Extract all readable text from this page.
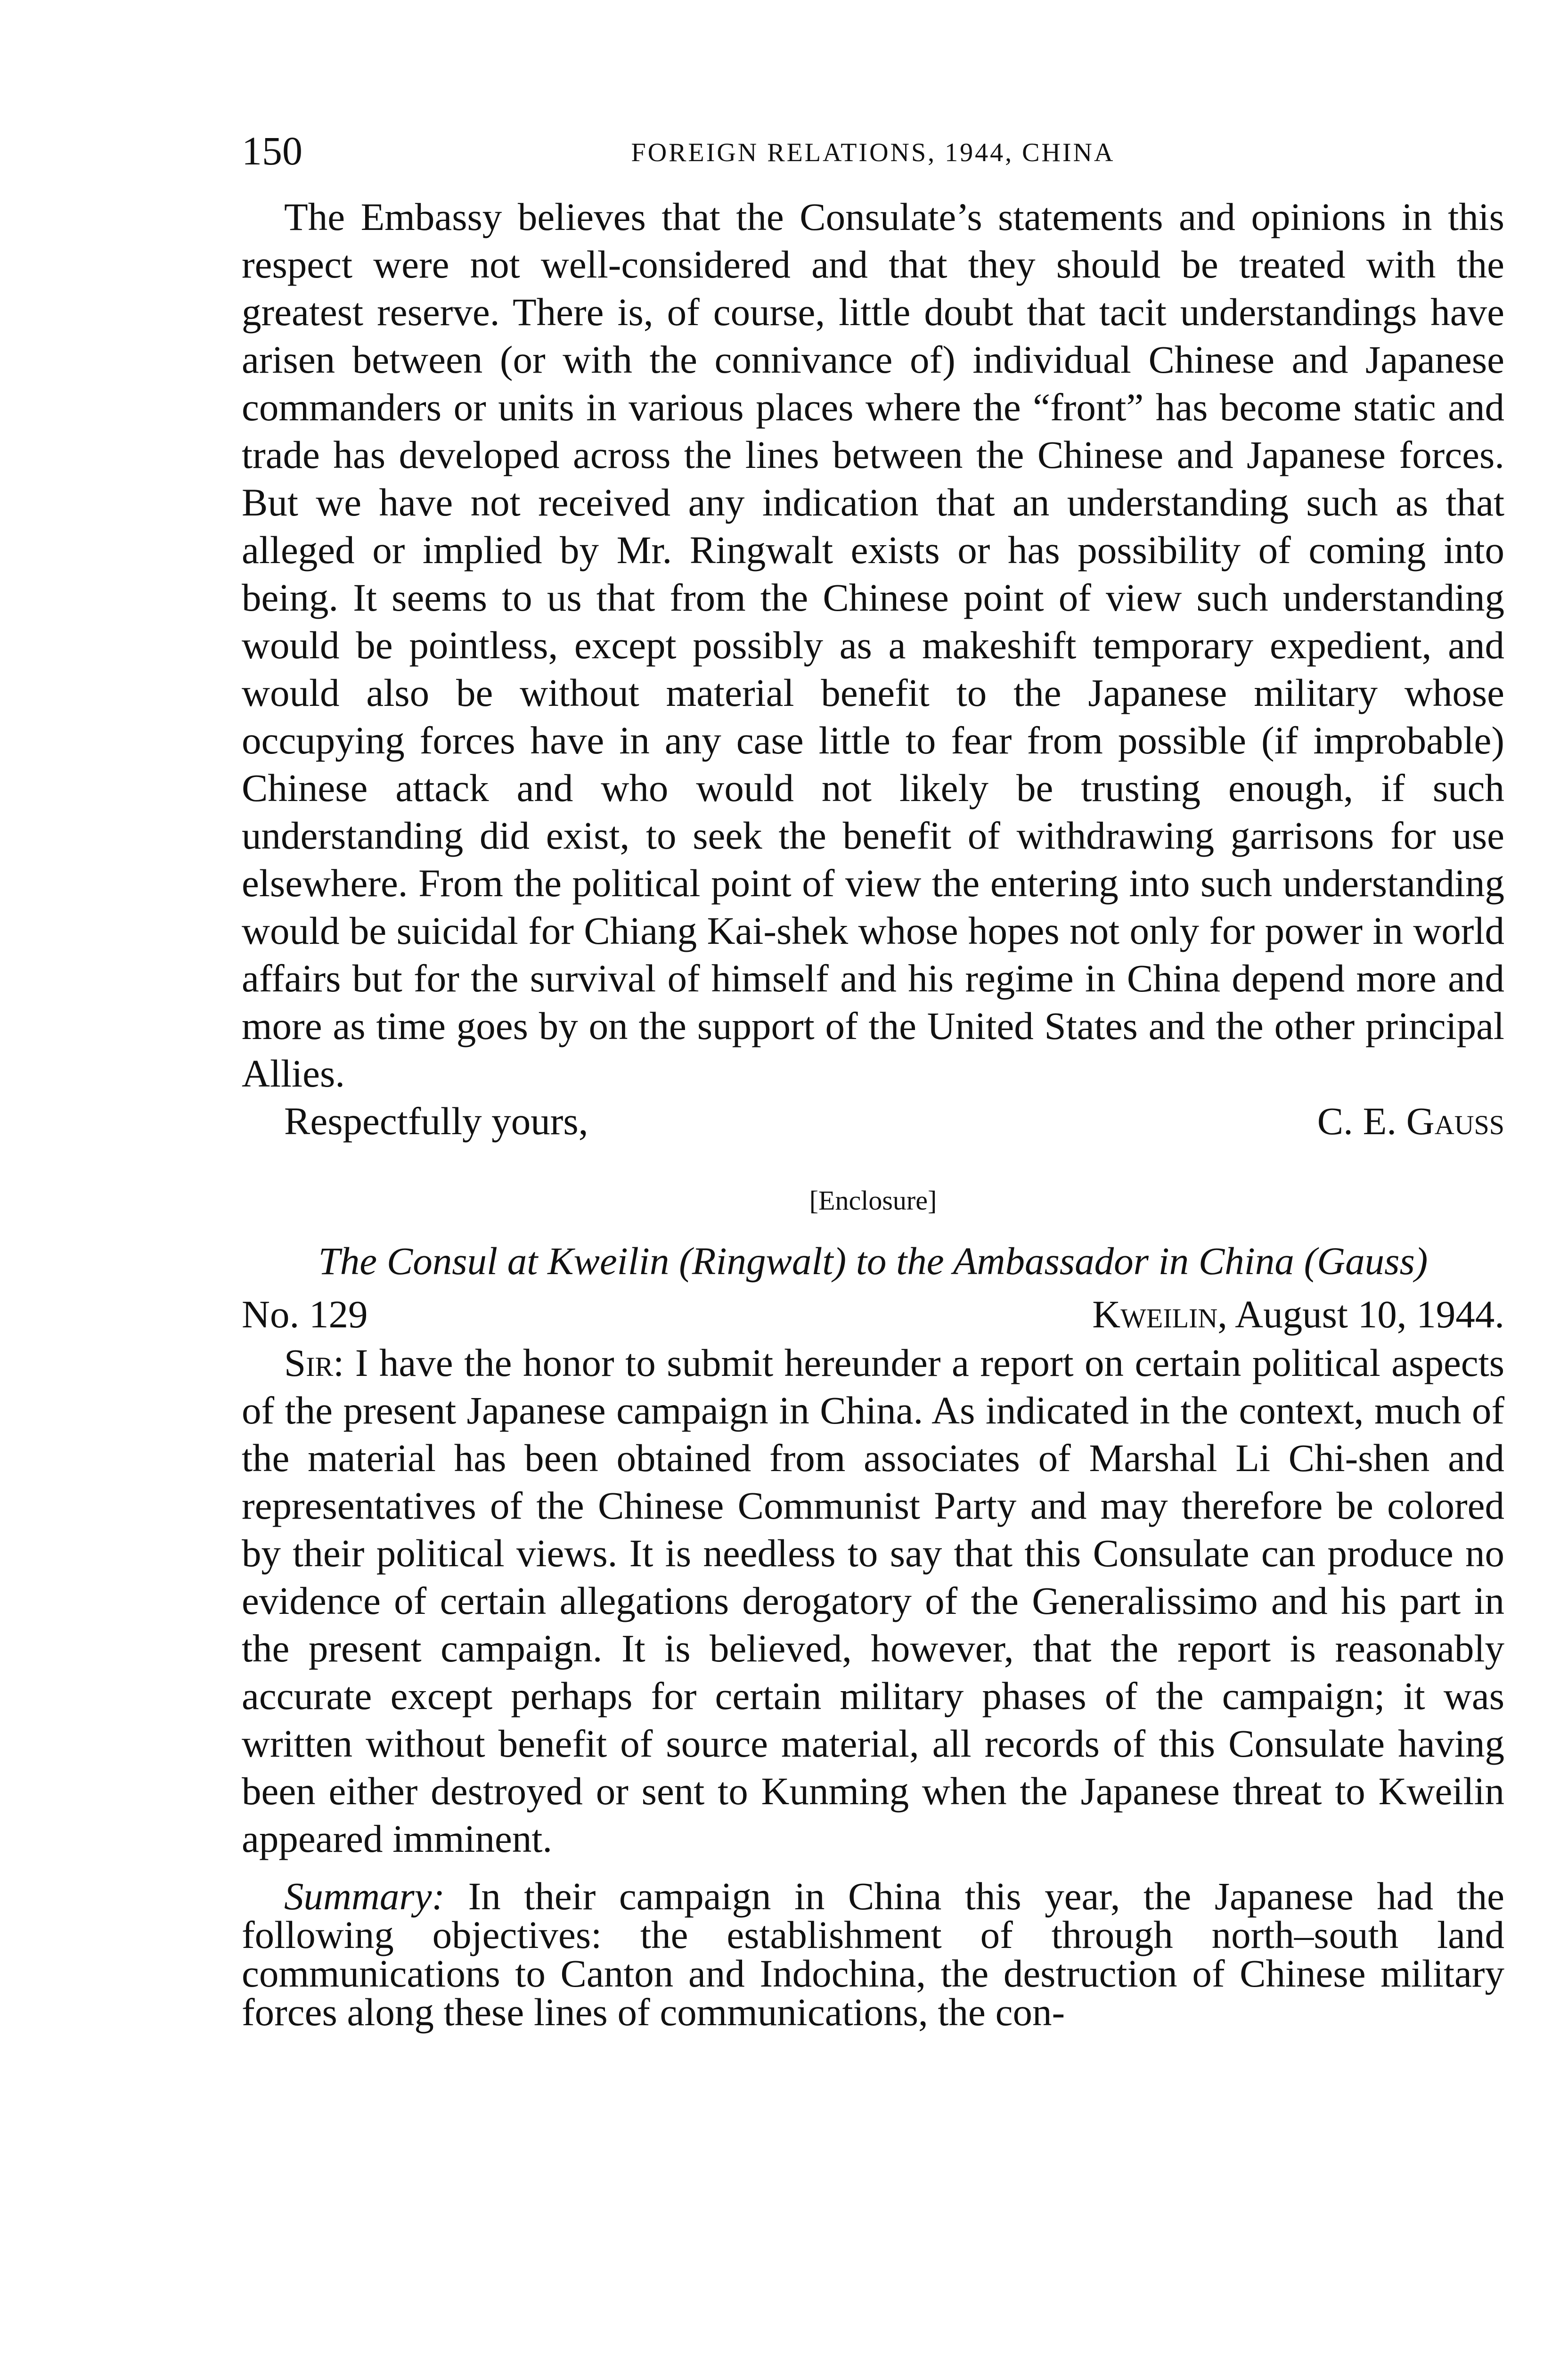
150	FOREIGN RELATIONS, 1944, CHINA

The Embassy believes that the Consulate’s statements and opinions in this respect were not well-considered and that they should be treated with the greatest reserve. There is, of course, little doubt that tacit understandings have arisen between (or with the connivance of) individual Chinese and Japanese commanders or units in various places where the “front” has become static and trade has developed across the lines between the Chinese and Japanese forces. But we have not received any indication that an understanding such as that alleged or implied by Mr. Ringwalt exists or has possibility of coming into being. It seems to us that from the Chinese point of view such understanding would be pointless, except possibly as a makeshift temporary expedient, and would also be without material benefit to the Japanese military whose occupying forces have in any case little to fear from possible (if improbable) Chinese attack and who would not likely be trusting enough, if such understanding did exist, to seek the benefit of withdrawing garrisons for use elsewhere. From the political point of view the entering into such understanding would be suicidal for Chiang Kai-shek whose hopes not only for power in world affairs but for the survival of himself and his regime in China depend more and more as time goes by on the support of the United States and the other principal Allies.

Respectfully yours,	C. E. Gauss
[Enclosure]
The Consul at Kweilin (Ringwalt) to the Ambassador in China (Gauss)
No. 129	Kweilin, August 10, 1944.

Sir: I have the honor to submit hereunder a report on certain political aspects of the present Japanese campaign in China. As indicated in the context, much of the material has been obtained from associates of Marshal Li Chi-shen and representatives of the Chinese Communist Party and may therefore be colored by their political views. It is needless to say that this Consulate can produce no evidence of certain allegations derogatory of the Generalissimo and his part in the present campaign. It is believed, however, that the report is reasonably accurate except perhaps for certain military phases of the campaign; it was written without benefit of source material, all records of this Consulate having been either destroyed or sent to Kunming when the Japanese threat to Kweilin appeared imminent.

Summary: In their campaign in China this year, the Japanese had the following objectives: the establishment of through north–south land communications to Canton and Indochina, the destruction of Chinese military forces along these lines of communications, the con-
